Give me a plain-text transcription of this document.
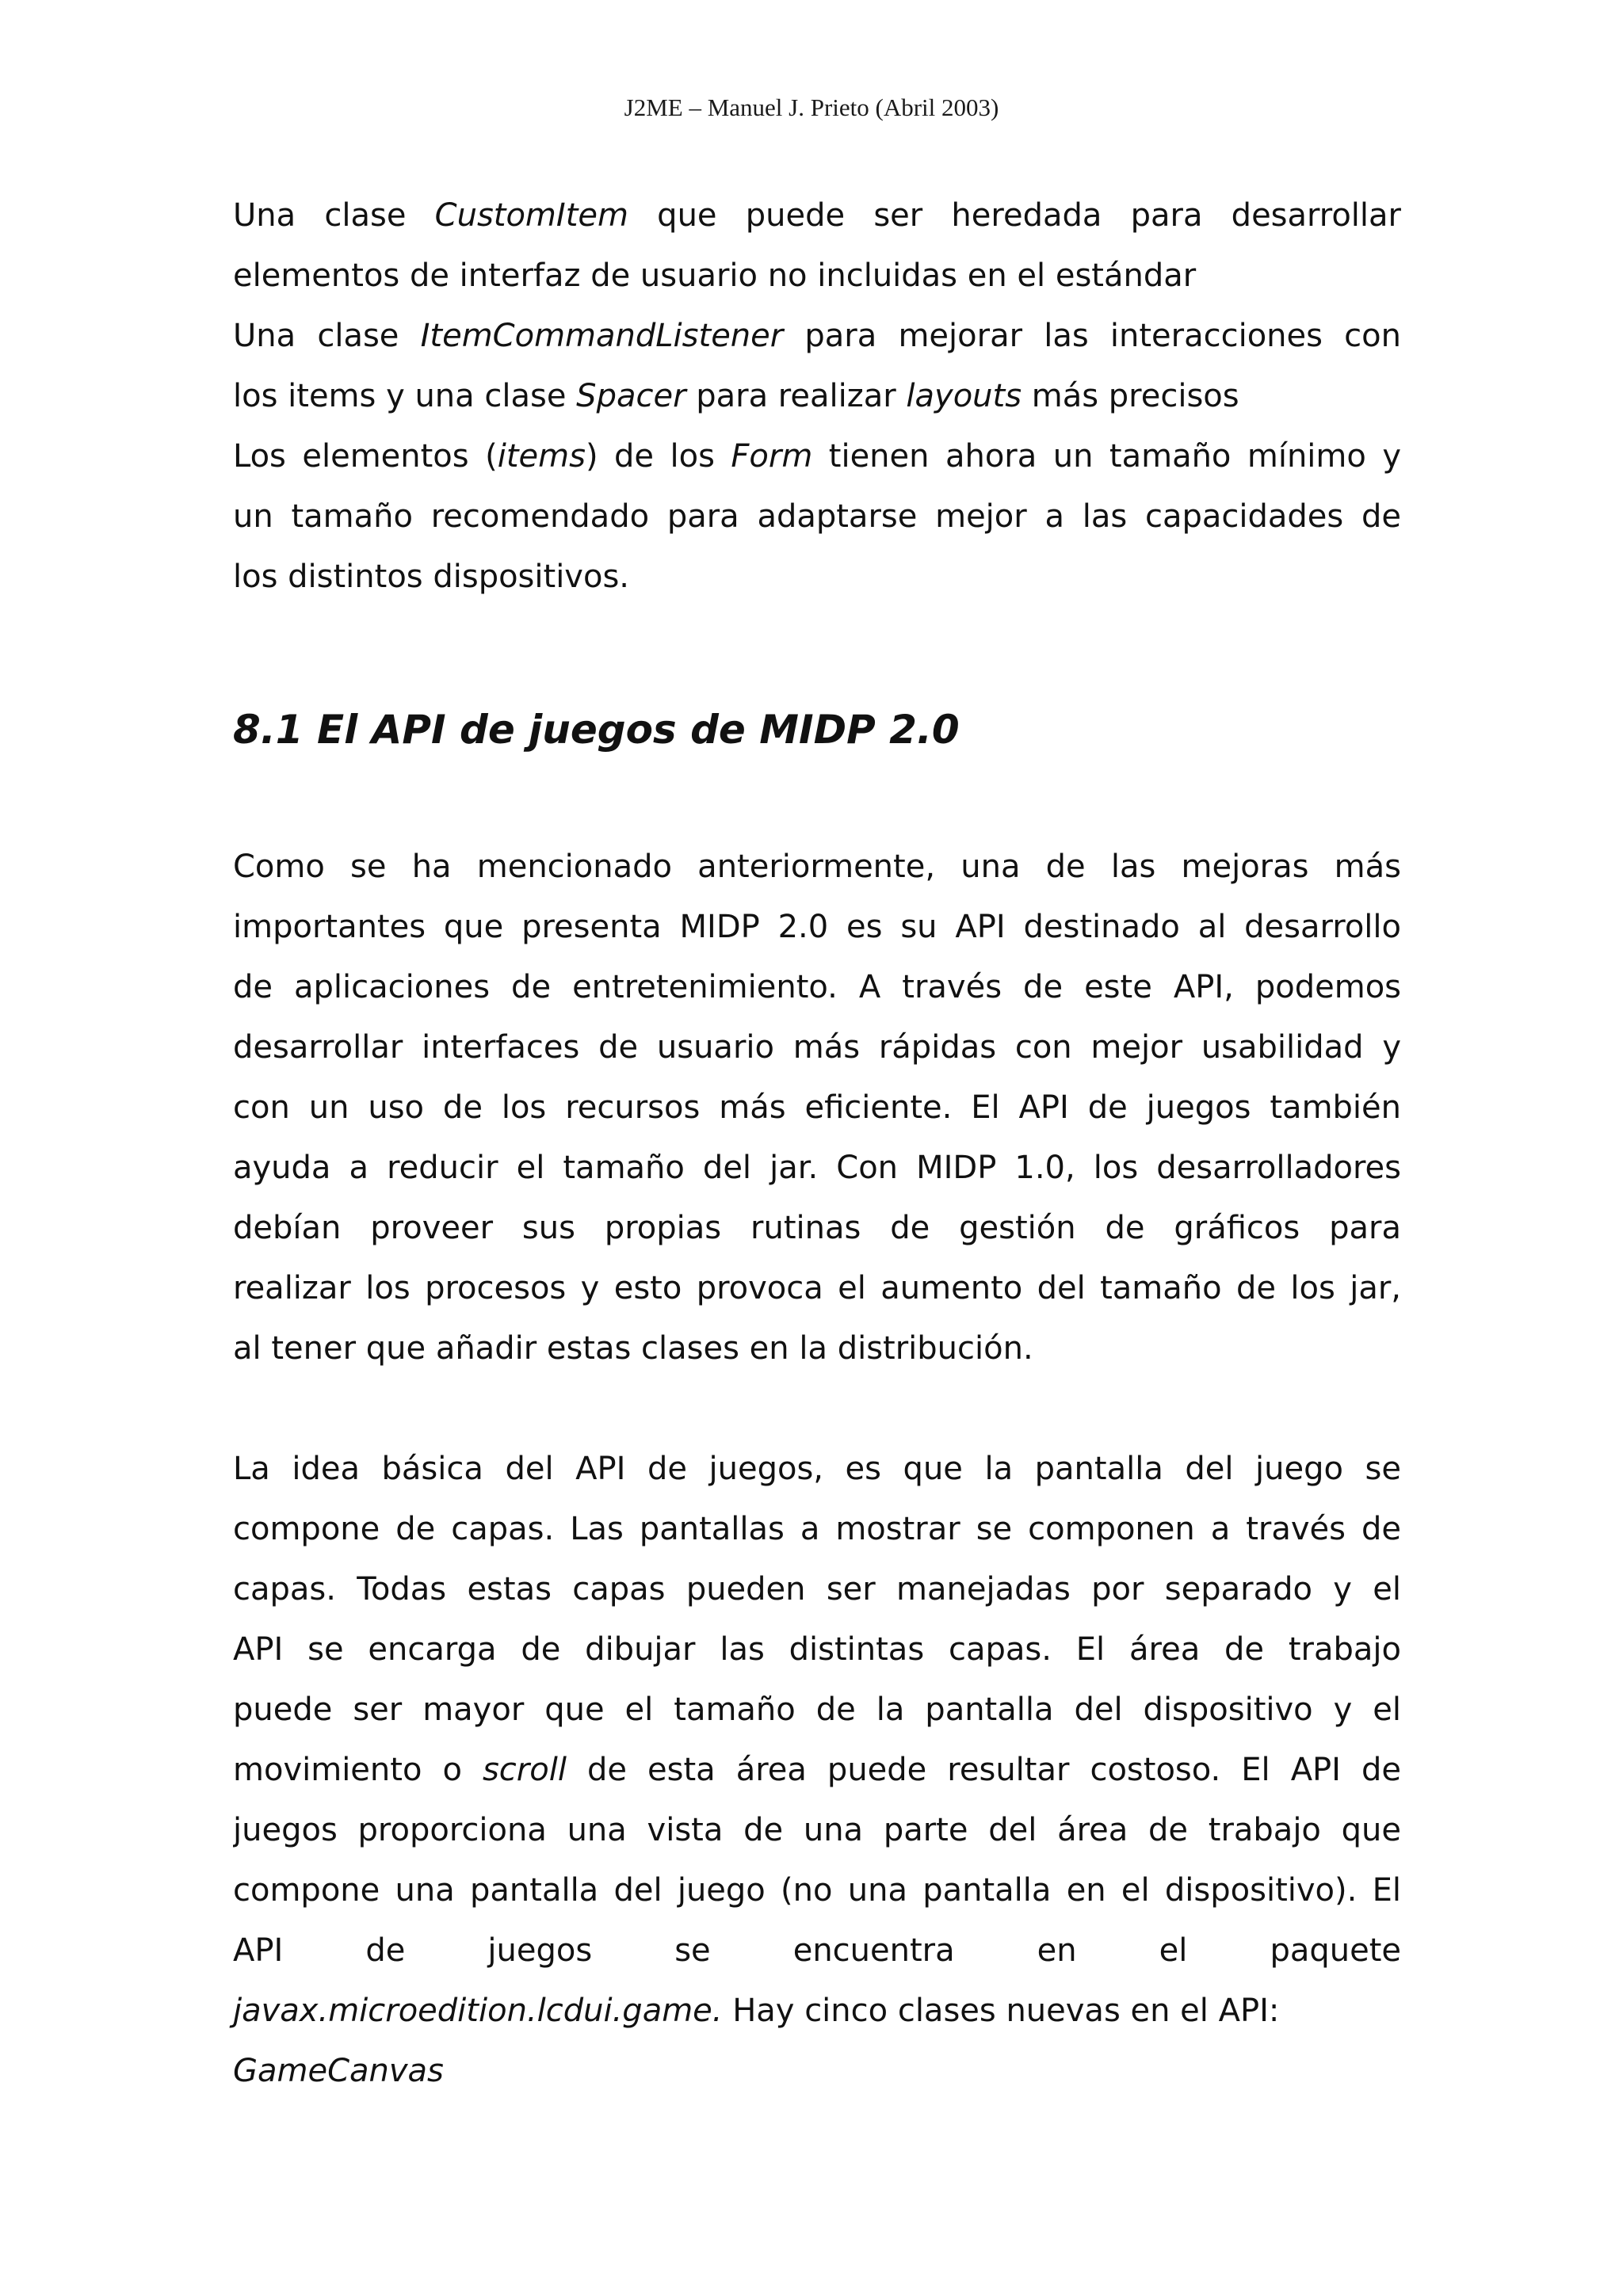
J2ME – Manuel J. Prieto (Abril 2003)
Una clase CustomItem que puede ser heredada para desarrollar
elementos de interfaz de usuario no incluidas en el estándar
Una clase ItemCommandListener para mejorar las interacciones con
los items y una clase Spacer para realizar layouts más precisos
Los elementos (items) de los Form tienen ahora un tamaño mínimo y
un tamaño recomendado para adaptarse mejor a las capacidades de
los distintos dispositivos.
8.1 El API de juegos de MIDP 2.0
Como se ha mencionado anteriormente, una de las mejoras más
importantes que presenta MIDP 2.0 es su API destinado al desarrollo
de aplicaciones de entretenimiento. A través de este API, podemos
desarrollar interfaces de usuario más rápidas con mejor usabilidad y
con un uso de los recursos más eficiente. El API de juegos también
ayuda a reducir el tamaño del jar. Con MIDP 1.0, los desarrolladores
debían proveer sus propias rutinas de gestión de gráficos para
realizar los procesos y esto provoca el aumento del tamaño de los jar,
al tener que añadir estas clases en la distribución.
La idea básica del API de juegos, es que la pantalla del juego se
compone de capas. Las pantallas a mostrar se componen a través de
capas. Todas estas capas pueden ser manejadas por separado y el
API se encarga de dibujar las distintas capas. El área de trabajo
puede ser mayor que el tamaño de la pantalla del dispositivo y el
movimiento o scroll de esta área puede resultar costoso. El API de
juegos proporciona una vista de una parte del área de trabajo que
compone una pantalla del juego (no una pantalla en el dispositivo). El
API de juegos se encuentra en el paquete
javax.microedition.lcdui.game. Hay cinco clases nuevas en el API:
GameCanvas
